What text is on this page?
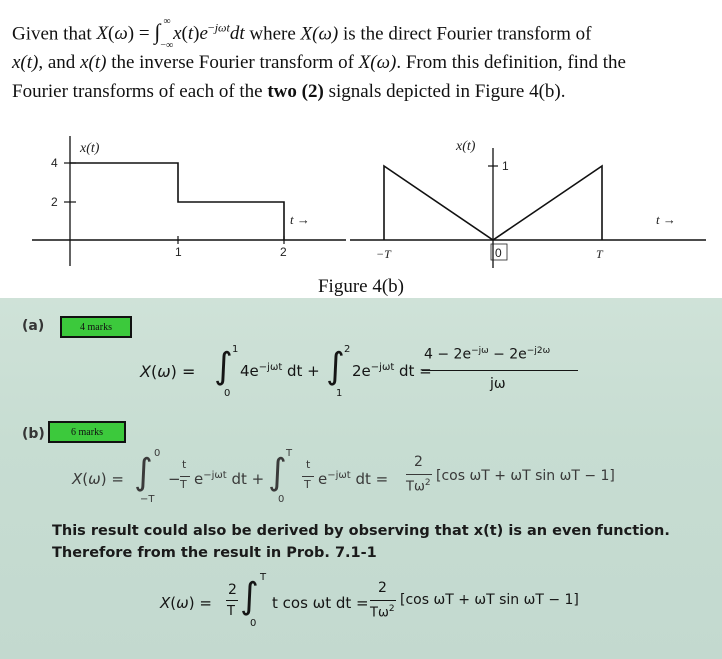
Given that X(ω) = ∫ ∞
−∞
$x(t)e^{-j\omega t}dt$ where X(ω) is the direct Fourier transform of
x(t), and x(t) the inverse Fourier transform of X(ω). From this definition, find the
Fourier transforms of each of the two (2) signals depicted in Figure 4(b).
4
2
x(t)
1	2
t →
x(t)
1
−T	0	T
t →
Figure 4(b)
(a)	4 marks
X(ω) = ∫ 1
0
$4e^{-j\omega t}$ dt + ∫ 2
1
$2e^{-j\omega t}$ dt =
$4 - 2e^{-j\omega} - 2e^{-j2\omega}$
jω
(b)	6 marks
X(ω) = ∫ 0
−T
−
t
T $e^{-j\omega t}$ dt + ∫ T
0
t
T $e^{-j\omega t}$ dt =
2
$T\omega^2$ [cos ωT + ωT sin ωT − 1]
This result could also be derived by observing that x(t) is an even function.
Therefore from the result in Prob. 7.1-1
X(ω) =
2
T ∫ T
0
t cos ωt dt =
2
$T\omega^2$
[cos ωT + ωT sin ωT − 1]
